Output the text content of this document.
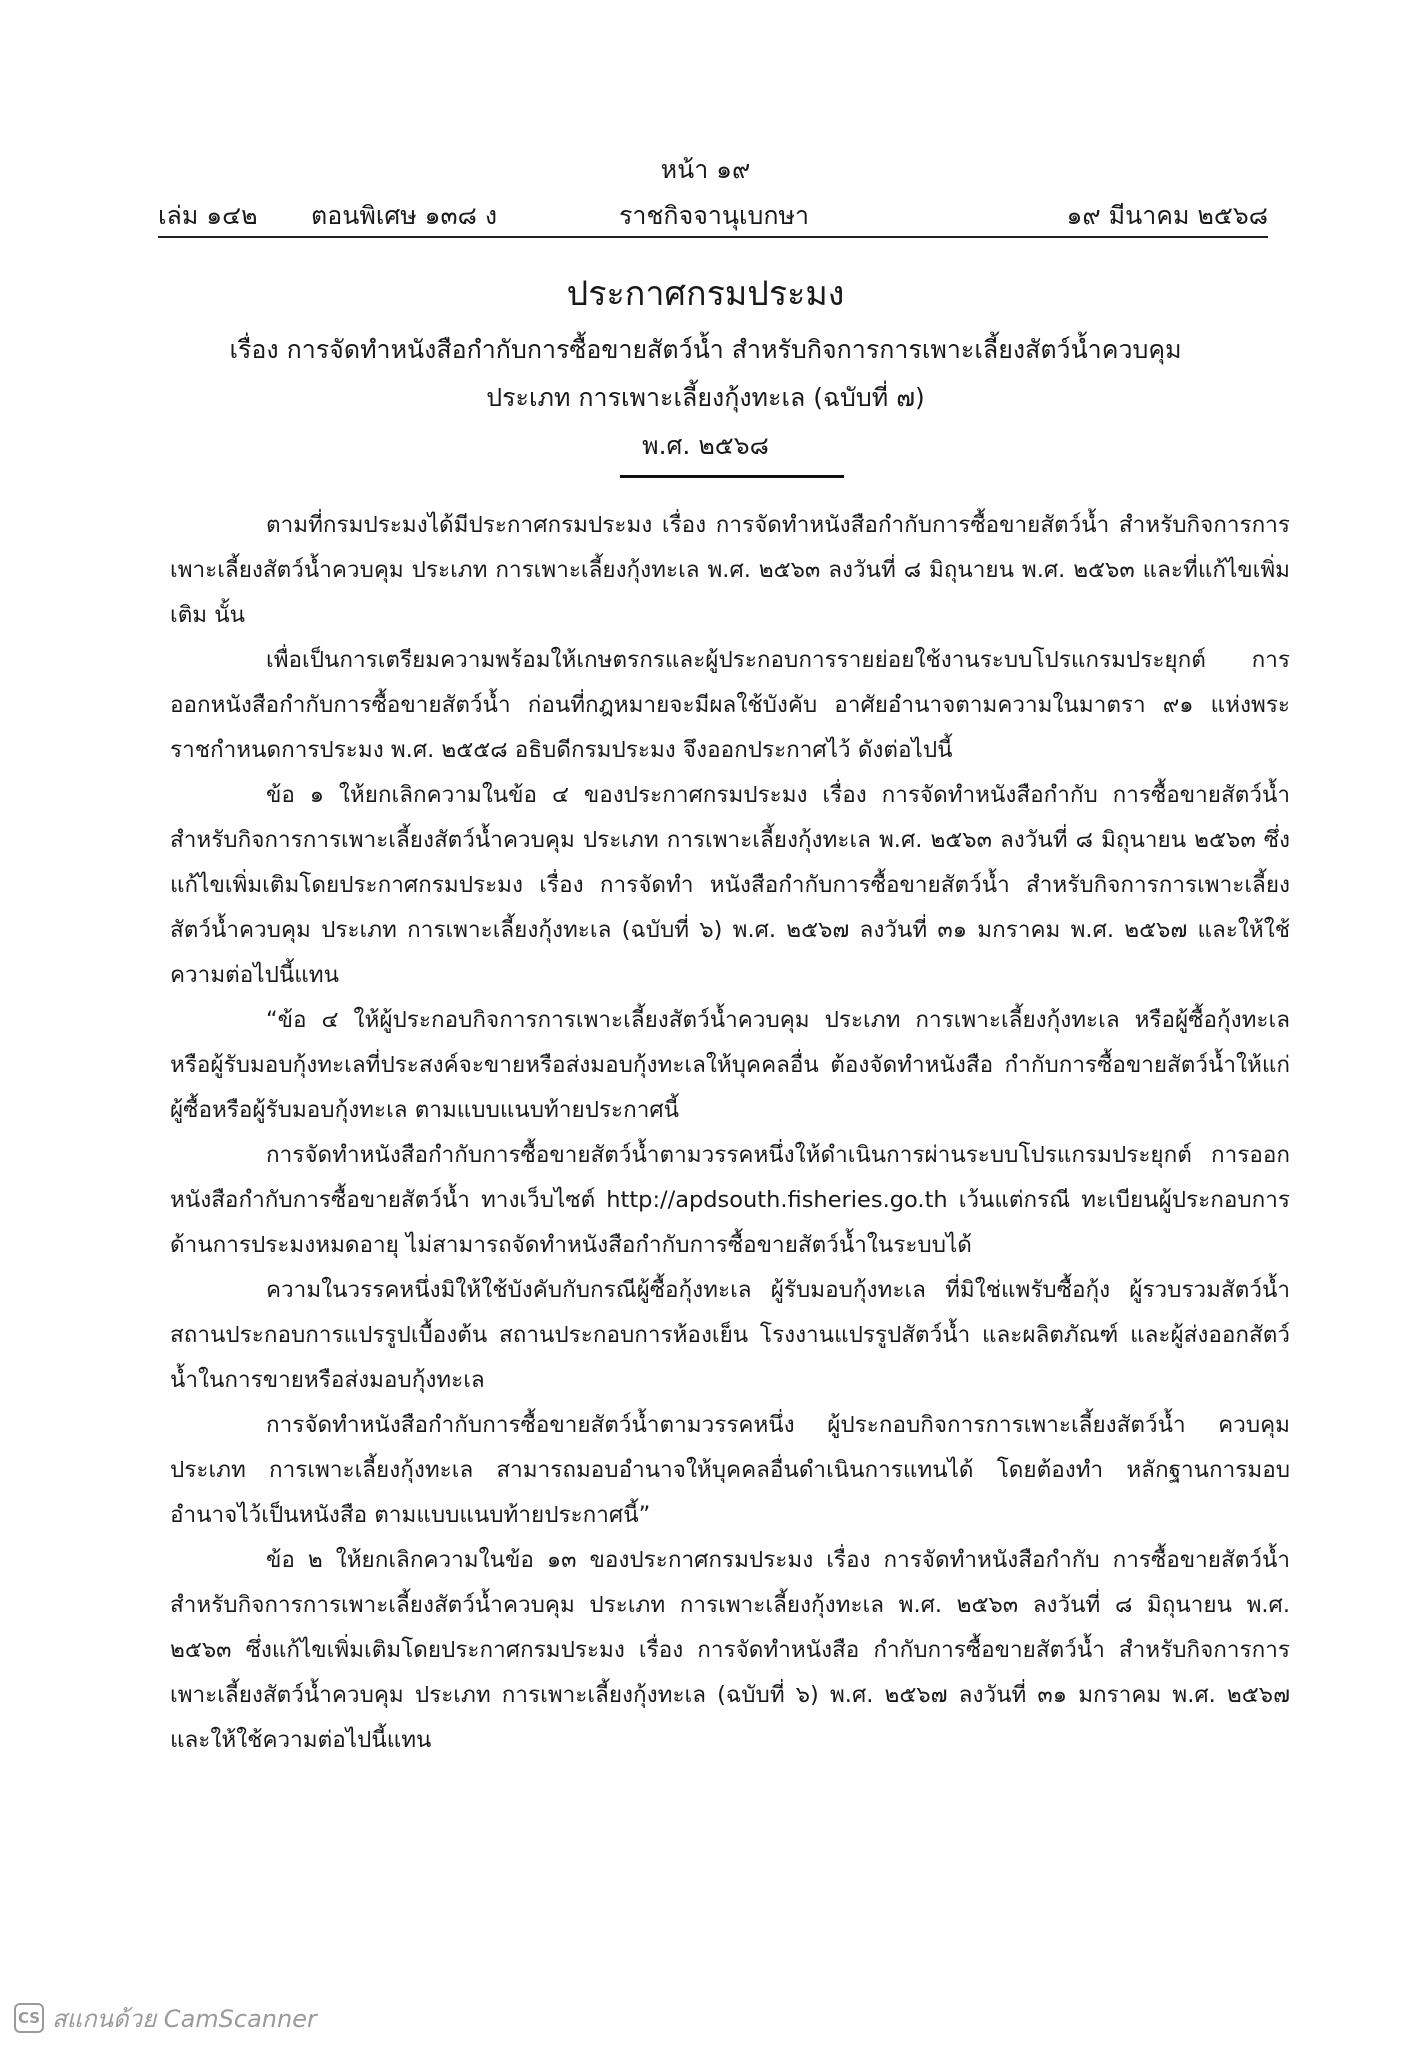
หน้า ๑๙
เล่ม ๑๔๒ ตอนพิเศษ ๑๓๘ ง	ราชกิจจานุเบกษา	๑๙ มีนาคม ๒๕๖๘
ประกาศกรมประมง
เรื่อง การจัดทำหนังสือกำกับการซื้อขายสัตว์น้ำ สำหรับกิจการการเพาะเลี้ยงสัตว์น้ำควบคุม
ประเภท การเพาะเลี้ยงกุ้งทะเล (ฉบับที่ ๗)
พ.ศ. ๒๕๖๘

ตามที่กรมประมงได้มีประกาศกรมประมง เรื่อง การจัดทำหนังสือกำกับการซื้อขายสัตว์น้ำ สำหรับกิจการการเพาะเลี้ยงสัตว์น้ำควบคุม ประเภท การเพาะเลี้ยงกุ้งทะเล พ.ศ. ๒๕๖๓ ลงวันที่ ๘ มิถุนายน พ.ศ. ๒๕๖๓ และที่แก้ไขเพิ่มเติม นั้น

เพื่อเป็นการเตรียมความพร้อมให้เกษตรกรและผู้ประกอบการรายย่อยใช้งานระบบโปรแกรมประยุกต์ การออกหนังสือกำกับการซื้อขายสัตว์น้ำ ก่อนที่กฎหมายจะมีผลใช้บังคับ อาศัยอำนาจตามความในมาตรา ๙๑ แห่งพระราชกำหนดการประมง พ.ศ. ๒๕๕๘ อธิบดีกรมประมง จึงออกประกาศไว้ ดังต่อไปนี้

ข้อ ๑ ให้ยกเลิกความในข้อ ๔ ของประกาศกรมประมง เรื่อง การจัดทำหนังสือกำกับ การซื้อขายสัตว์น้ำ สำหรับกิจการการเพาะเลี้ยงสัตว์น้ำควบคุม ประเภท การเพาะเลี้ยงกุ้งทะเล พ.ศ. ๒๕๖๓ ลงวันที่ ๘ มิถุนายน ๒๕๖๓ ซึ่งแก้ไขเพิ่มเติมโดยประกาศกรมประมง เรื่อง การจัดทำ หนังสือกำกับการซื้อขายสัตว์น้ำ สำหรับกิจการการเพาะเลี้ยงสัตว์น้ำควบคุม ประเภท การเพาะเลี้ยงกุ้งทะเล (ฉบับที่ ๖) พ.ศ. ๒๕๖๗ ลงวันที่ ๓๑ มกราคม พ.ศ. ๒๕๖๗ และให้ใช้ความต่อไปนี้แทน

“ข้อ ๔ ให้ผู้ประกอบกิจการการเพาะเลี้ยงสัตว์น้ำควบคุม ประเภท การเพาะเลี้ยงกุ้งทะเล หรือผู้ซื้อกุ้งทะเล หรือผู้รับมอบกุ้งทะเลที่ประสงค์จะขายหรือส่งมอบกุ้งทะเลให้บุคคลอื่น ต้องจัดทำหนังสือ กำกับการซื้อขายสัตว์น้ำให้แก่ผู้ซื้อหรือผู้รับมอบกุ้งทะเล ตามแบบแนบท้ายประกาศนี้

การจัดทำหนังสือกำกับการซื้อขายสัตว์น้ำตามวรรคหนึ่งให้ดำเนินการผ่านระบบโปรแกรมประยุกต์ การออกหนังสือกำกับการซื้อขายสัตว์น้ำ ทางเว็บไซต์ http://apdsouth.fisheries.go.th เว้นแต่กรณี ทะเบียนผู้ประกอบการด้านการประมงหมดอายุ ไม่สามารถจัดทำหนังสือกำกับการซื้อขายสัตว์น้ำในระบบได้

ความในวรรคหนึ่งมิให้ใช้บังคับกับกรณีผู้ซื้อกุ้งทะเล ผู้รับมอบกุ้งทะเล ที่มิใช่แพรับซื้อกุ้ง ผู้รวบรวมสัตว์น้ำ สถานประกอบการแปรรูปเบื้องต้น สถานประกอบการห้องเย็น โรงงานแปรรูปสัตว์น้ำ และผลิตภัณฑ์ และผู้ส่งออกสัตว์น้ำในการขายหรือส่งมอบกุ้งทะเล

การจัดทำหนังสือกำกับการซื้อขายสัตว์น้ำตามวรรคหนึ่ง ผู้ประกอบกิจการการเพาะเลี้ยงสัตว์น้ำ ควบคุม ประเภท การเพาะเลี้ยงกุ้งทะเล สามารถมอบอำนาจให้บุคคลอื่นดำเนินการแทนได้ โดยต้องทำ หลักฐานการมอบอำนาจไว้เป็นหนังสือ ตามแบบแนบท้ายประกาศนี้”

ข้อ ๒ ให้ยกเลิกความในข้อ ๑๓ ของประกาศกรมประมง เรื่อง การจัดทำหนังสือกำกับ การซื้อขายสัตว์น้ำ สำหรับกิจการการเพาะเลี้ยงสัตว์น้ำควบคุม ประเภท การเพาะเลี้ยงกุ้งทะเล พ.ศ. ๒๕๖๓ ลงวันที่ ๘ มิถุนายน พ.ศ. ๒๕๖๓ ซึ่งแก้ไขเพิ่มเติมโดยประกาศกรมประมง เรื่อง การจัดทำหนังสือ กำกับการซื้อขายสัตว์น้ำ สำหรับกิจการการเพาะเลี้ยงสัตว์น้ำควบคุม ประเภท การเพาะเลี้ยงกุ้งทะเล (ฉบับที่ ๖) พ.ศ. ๒๕๖๗ ลงวันที่ ๓๑ มกราคม พ.ศ. ๒๕๖๗ และให้ใช้ความต่อไปนี้แทน

CS สแกนด้วย CamScanner
